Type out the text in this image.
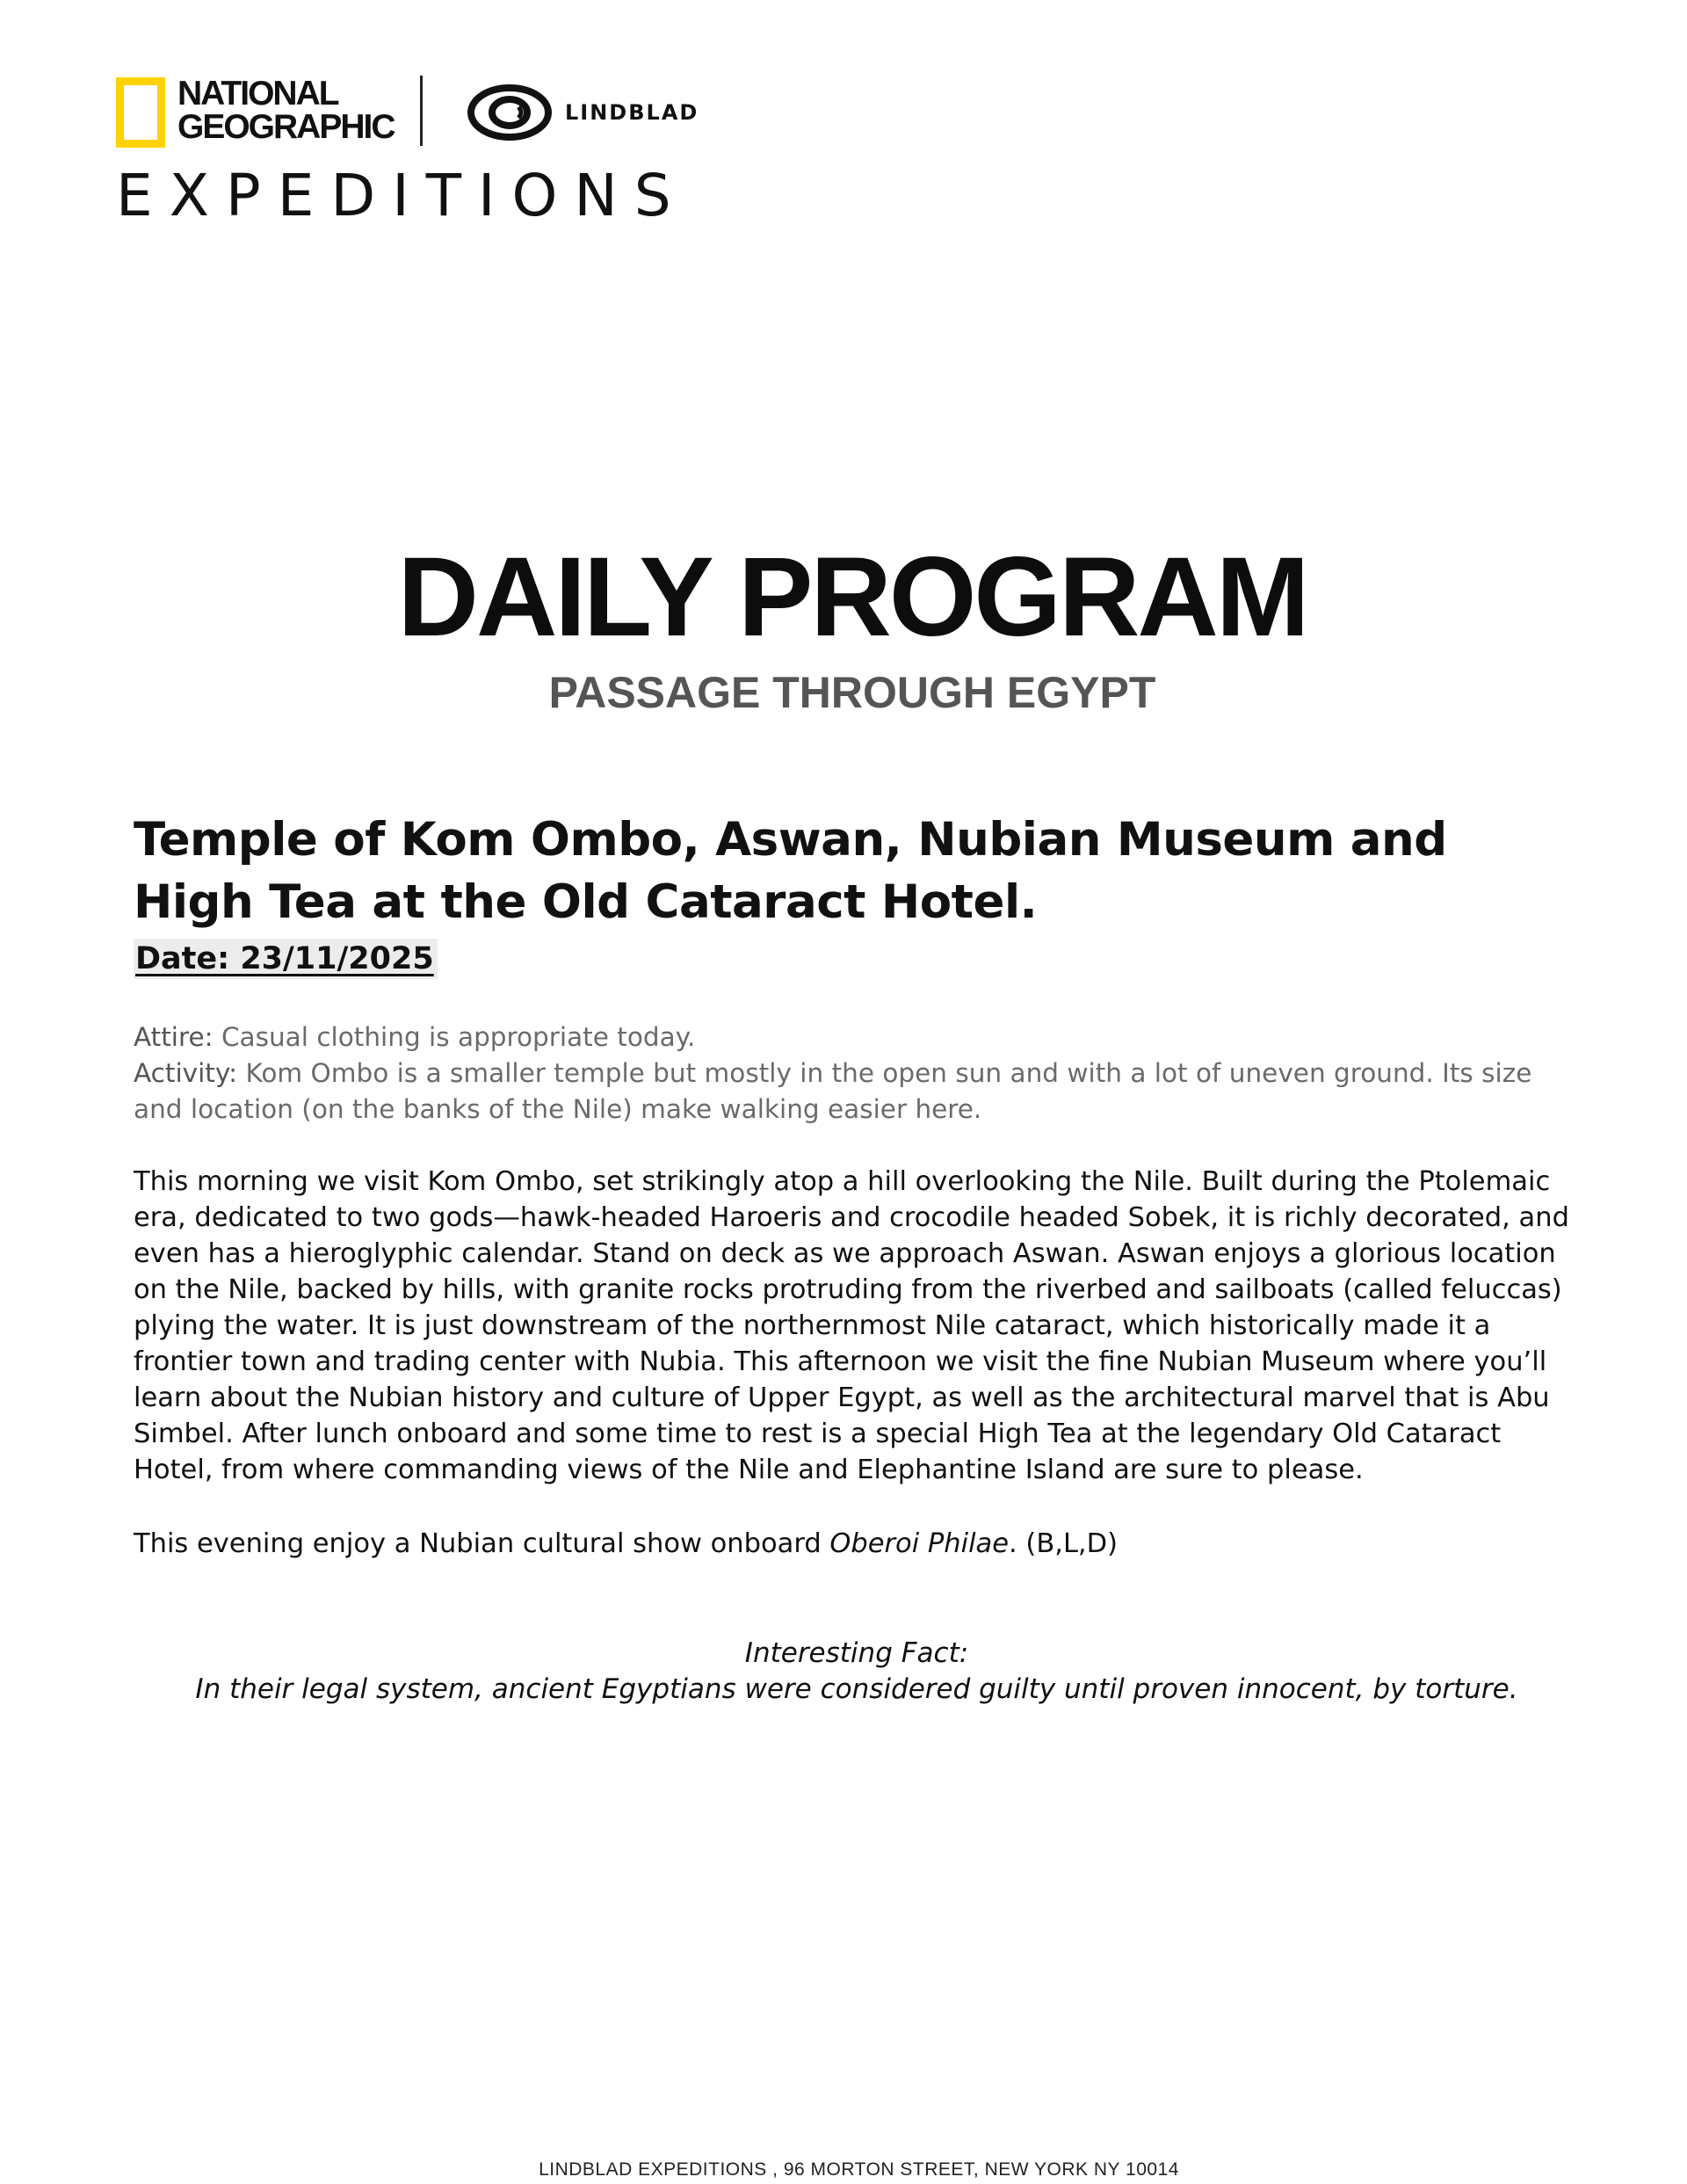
NATIONAL
GEOGRAPHIC	LINDBLAD
EXPEDITIONS
DAILY PROGRAM
PASSAGE THROUGH EGYPT
Temple of Kom Ombo, Aswan, Nubian Museum and High Tea at the Old Cataract Hotel.
Date: 23/11/2025

Attire: Casual clothing is appropriate today.

Activity: Kom Ombo is a smaller temple but mostly in the open sun and with a lot of uneven ground. Its size and location (on the banks of the Nile) make walking easier here.

This morning we visit Kom Ombo, set strikingly atop a hill overlooking the Nile. Built during the Ptolemaic era, dedicated to two gods—hawk-headed Haroeris and crocodile headed Sobek, it is richly decorated, and even has a hieroglyphic calendar. Stand on deck as we approach Aswan. Aswan enjoys a glorious location on the Nile, backed by hills, with granite rocks protruding from the riverbed and sailboats (called feluccas) plying the water. It is just downstream of the northernmost Nile cataract, which historically made it a frontier town and trading center with Nubia. This afternoon we visit the fine Nubian Museum where you’ll learn about the Nubian history and culture of Upper Egypt, as well as the architectural marvel that is Abu Simbel. After lunch onboard and some time to rest is a special High Tea at the legendary Old Cataract Hotel, from where commanding views of the Nile and Elephantine Island are sure to please.

This evening enjoy a Nubian cultural show onboard Oberoi Philae. (B,L,D)
Interesting Fact:
In their legal system, ancient Egyptians were considered guilty until proven innocent, by torture.
LINDBLAD EXPEDITIONS , 96 MORTON STREET, NEW YORK NY 10014
